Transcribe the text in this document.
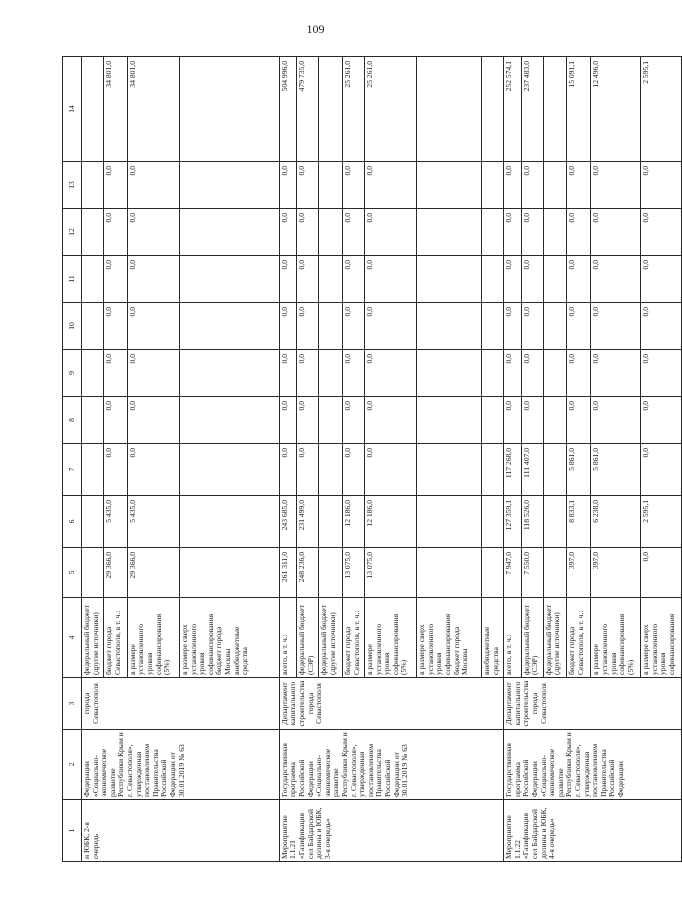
109
1	2	3	4	5	6	7	8	9	10	11	12	13	14
и ЮБК, 2-я очередь	Федерации «Социально-экономическое развитие Республики Крым и г. Севастополя», утвержденная постановлением Правительства Российской Федерации от 30.01.2019 № 63	города Севастополя	федеральный бюджет (другие источники)										
			бюджет города Севастополя, в т. ч.:	29 366,0	5 435,0	0,0	0,0	0,0	0,0	0,0	0,0	0,0	34 801,0
			в размере установленного уровня софинансирования (5%)	29 366,0	5 435,0	0,0	0,0	0,0	0,0	0,0	0,0	0,0	34 801,0
			в размере сверх установленного уровня софинансирования бюджет города Москвы внебюджетные средства										
Мероприятие 1.1.21 «Газификация сел Байдарской долины и ЮБК, 3-я очередь»	Государственная программа Российской Федерации «Социально-экономическое развитие Республики Крым и г. Севастополя», утвержденная постановлением Правительства Российской Федерации от 30.01.2019 № 63	Департамент капитального строительства города Севастополя	всего, в т. ч.:	261 311,0	243 685,0	0,0	0,0	0,0	0,0	0,0	0,0	0,0	504 996,0
			федеральный бюджет (СЭР)	248 236,0	231 499,0	0,0	0,0	0,0	0,0	0,0	0,0	0,0	479 735,0
			федеральный бюджет (другие источники)										
			бюджет города Севастополя, в т. ч.:	13 075,0	12 186,0	0,0	0,0	0,0	0,0	0,0	0,0	0,0	25 261,0
			в размере установленного уровня софинансирования (5%)	13 075,0	12 186,0	0,0	0,0	0,0	0,0	0,0	0,0	0,0	25 261,0
			в размере сверх установленного уровня софинансирования бюджет города Москвы										
			внебюджетные средства										
Мероприятие 1.1.22 «Газификация сел Байдарской долины и ЮБК, 4-я очередь»	Государственная программа Российской Федерации «Социально-экономическое развитие Республики Крым и г. Севастополя», утвержденная постановлением Правительства Российской Федерации	Департамент капитального строительства города Севастополя	всего, в т. ч.:	7 947,0	127 359,1	117 268,0	0,0	0,0	0,0	0,0	0,0	0,0	252 574,1
			федеральный бюджет (СЭР)	7 550,0	118 526,0	111 407,0	0,0	0,0	0,0	0,0	0,0	0,0	237 483,0
			федеральный бюджет (другие источники)										
			бюджет города Севастополя, в т. ч.:	397,0	8 833,1	5 861,0	0,0	0,0	0,0	0,0	0,0	0,0	15 091,1
			в размере установленного уровня софинансирования (5%)	397,0	6 238,0	5 861,0	0,0	0,0	0,0	0,0	0,0	0,0	12 496,0
			в размере сверх установленного уровня софинансирования	0,0	2 595,1	0,0	0,0	0,0	0,0	0,0	0,0	0,0	2 595,1
